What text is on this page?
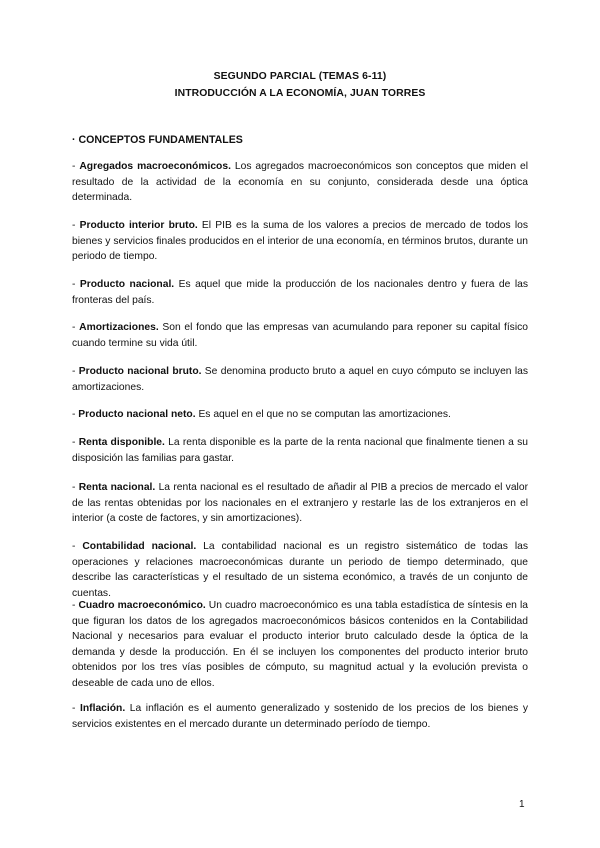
SEGUNDO PARCIAL (TEMAS 6-11)
INTRODUCCIÓN A LA ECONOMÍA, JUAN TORRES
· CONCEPTOS FUNDAMENTALES

- Agregados macroeconómicos. Los agregados macroeconómicos son conceptos que miden el resultado de la actividad de la economía en su conjunto, considerada desde una óptica determinada.

- Producto interior bruto. El PIB es la suma de los valores a precios de mercado de todos los bienes y servicios finales producidos en el interior de una economía, en términos brutos, durante un periodo de tiempo.

- Producto nacional. Es aquel que mide la producción de los nacionales dentro y fuera de las fronteras del país.

- Amortizaciones. Son el fondo que las empresas van acumulando para reponer su capital físico cuando termine su vida útil.

- Producto nacional bruto. Se denomina producto bruto a aquel en cuyo cómputo se incluyen las amortizaciones.

- Producto nacional neto. Es aquel en el que no se computan las amortizaciones.

- Renta disponible. La renta disponible es la parte de la renta nacional que finalmente tienen a su disposición las familias para gastar.

- Renta nacional. La renta nacional es el resultado de añadir al PIB a precios de mercado el valor de las rentas obtenidas por los nacionales en el extranjero y restarle las de los extranjeros en el interior (a coste de factores, y sin amortizaciones).

- Contabilidad nacional. La contabilidad nacional es un registro sistemático de todas las operaciones y relaciones macroeconómicas durante un periodo de tiempo determinado, que describe las características y el resultado de un sistema económico, a través de un conjunto de cuentas.

- Cuadro macroeconómico. Un cuadro macroeconómico es una tabla estadística de síntesis en la que figuran los datos de los agregados macroeconómicos básicos contenidos en la Contabilidad Nacional y necesarios para evaluar el producto interior bruto calculado desde la óptica de la demanda y desde la producción. En él se incluyen los componentes del producto interior bruto obtenidos por los tres vías posibles de cómputo, su magnitud actual y la evolución prevista o deseable de cada uno de ellos.

- Inflación. La inflación es el aumento generalizado y sostenido de los precios de los bienes y servicios existentes en el mercado durante un determinado período de tiempo.

1
